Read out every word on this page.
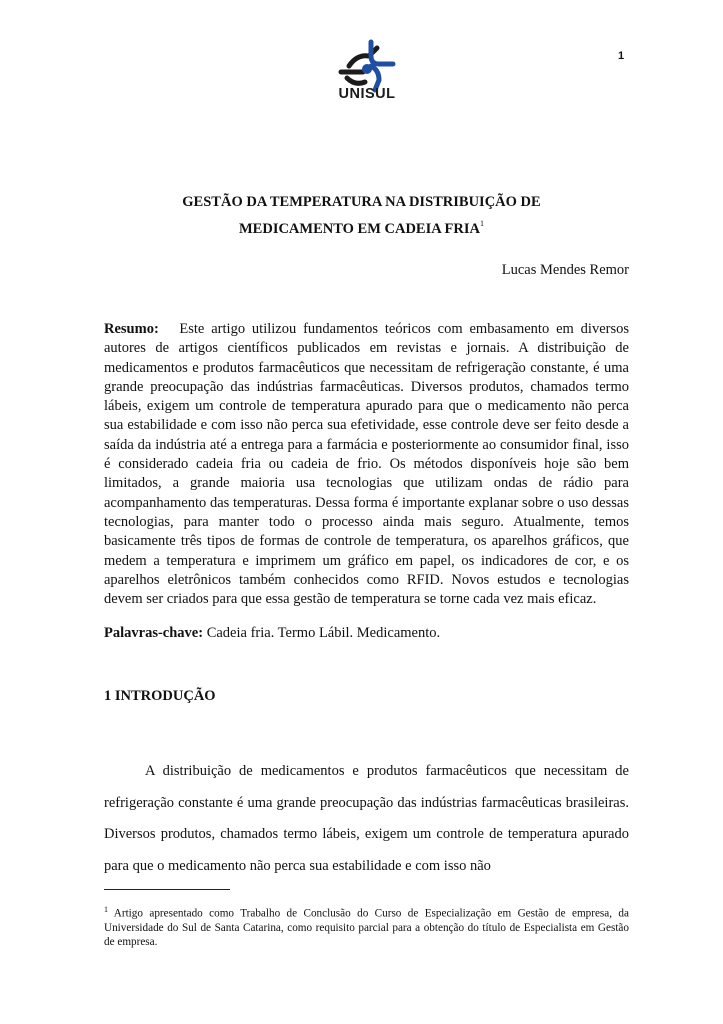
UNISUL
1
GESTÃO DA TEMPERATURA NA DISTRIBUIÇÃO DE
MEDICAMENTO EM CADEIA FRIA$^1$
Lucas Mendes Remor

Resumo: Este artigo utilizou fundamentos teóricos com embasamento em diversos autores de artigos científicos publicados em revistas e jornais. A distribuição de medicamentos e produtos farmacêuticos que necessitam de refrigeração constante, é uma grande preocupação das indústrias farmacêuticas. Diversos produtos, chamados termo lábeis, exigem um controle de temperatura apurado para que o medicamento não perca sua estabilidade e com isso não perca sua efetividade, esse controle deve ser feito desde a saída da indústria até a entrega para a farmácia e posteriormente ao consumidor final, isso é considerado cadeia fria ou cadeia de frio. Os métodos disponíveis hoje são bem limitados, a grande maioria usa tecnologias que utilizam ondas de rádio para acompanhamento das temperaturas. Dessa forma é importante explanar sobre o uso dessas tecnologias, para manter todo o processo ainda mais seguro. Atualmente, temos basicamente três tipos de formas de controle de temperatura, os aparelhos gráficos, que medem a temperatura e imprimem um gráfico em papel, os indicadores de cor, e os aparelhos eletrônicos também conhecidos como RFID. Novos estudos e tecnologias devem ser criados para que essa gestão de temperatura se torne cada vez mais eficaz.

Palavras-chave: Cadeia fria. Termo Lábil. Medicamento.

1 INTRODUÇÃO

A distribuição de medicamentos e produtos farmacêuticos que necessitam de refrigeração constante é uma grande preocupação das indústrias farmacêuticas brasileiras. Diversos produtos, chamados termo lábeis, exigem um controle de temperatura apurado para que o medicamento não perca sua estabilidade e com isso não

$^1$ Artigo apresentado como Trabalho de Conclusão do Curso de Especialização em Gestão de empresa, da Universidade do Sul de Santa Catarina, como requisito parcial para a obtenção do título de Especialista em Gestão de empresa.
